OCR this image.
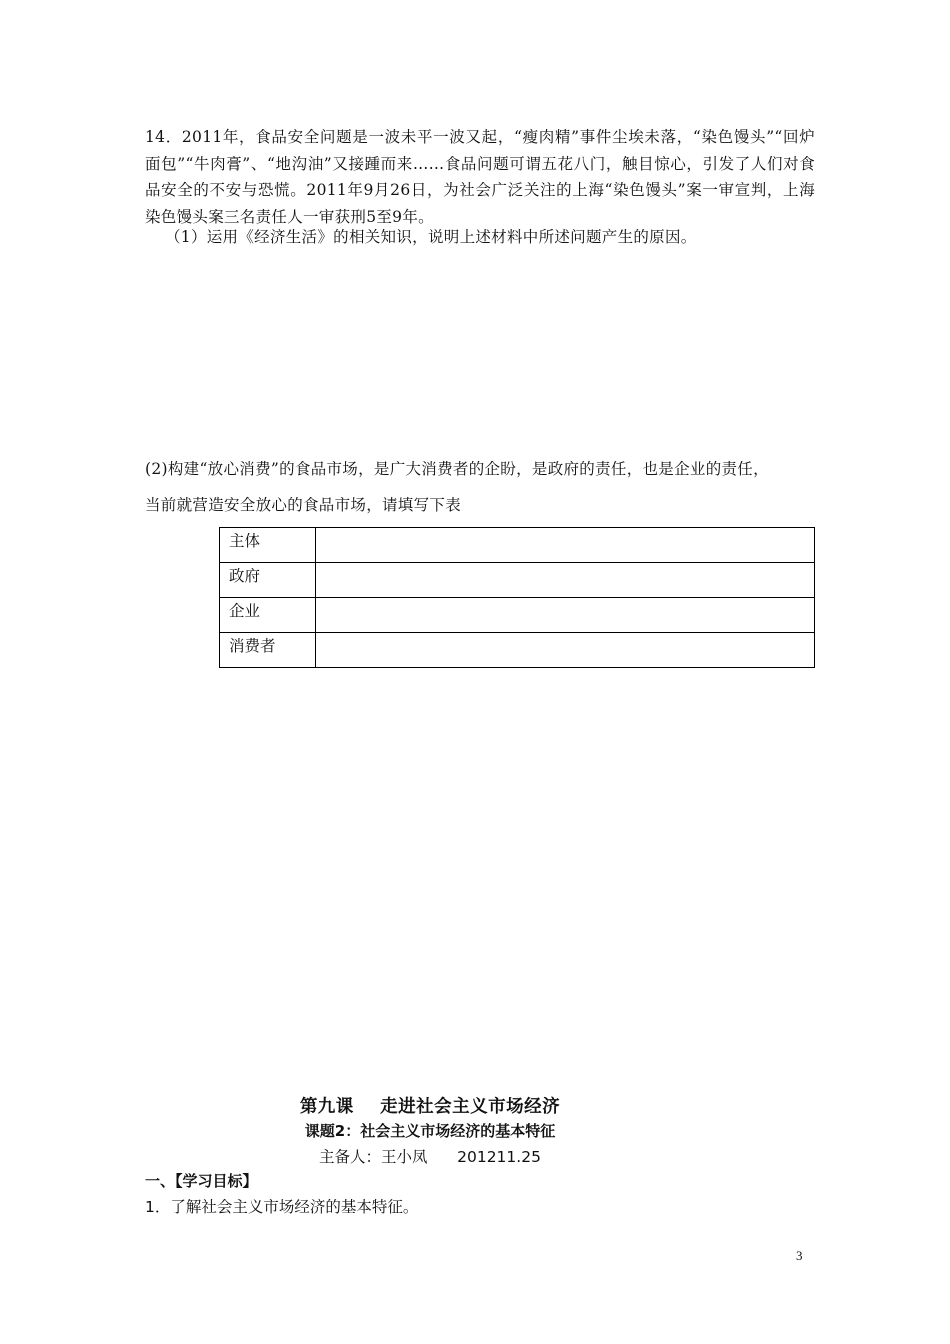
14．2011年，食品安全问题是一波未平一波又起，“瘦肉精”事件尘埃未落，“染色馒头”“回炉面包”“牛肉膏”、“地沟油”又接踵而来……食品问题可谓五花八门，触目惊心，引发了人们对食品安全的不安与恐慌。2011年9月26日，为社会广泛关注的上海“染色馒头”案一审宣判，上海染色馒头案三名责任人一审获刑5至9年。
（1）运用《经济生活》的相关知识，说明上述材料中所述问题产生的原因。
(2)构建“放心消费”的食品市场，是广大消费者的企盼，是政府的责任，也是企业的责任，
当前就营造安全放心的食品市场，请填写下表
主体	
政府	
企业	
消费者	
第九课    走进社会主义市场经济
课题2：社会主义市场经济的基本特征
主备人：王小凤      201211.25
一、【学习目标】
1．了解社会主义市场经济的基本特征。
3
